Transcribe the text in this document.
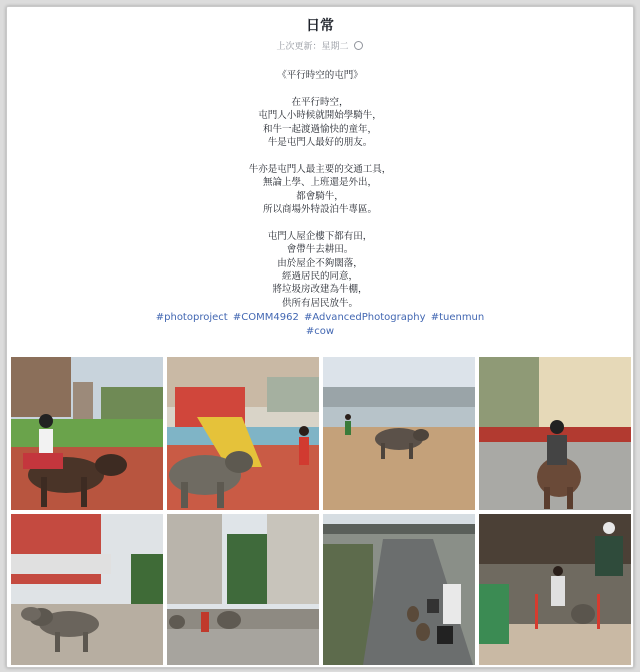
日常
上次更新：星期二
《平行時空的屯門》
在平行時空，
屯門人小時候就開始學騎牛，
和牛一起渡過愉快的童年，
牛是屯門人最好的朋友。
牛亦是屯門人最主要的交通工具，
無論上學、上班還是外出，
都會騎牛，
所以商場外特設泊牛專區。
屯門人屋企樓下都有田，
會帶牛去耕田。
由於屋企不夠闊落，
經過居民的同意，
將垃圾房改建為牛棚，
供所有居民放牛。
#photoproject #COMM4962 #AdvancedPhotography #tuenmun
#cow
